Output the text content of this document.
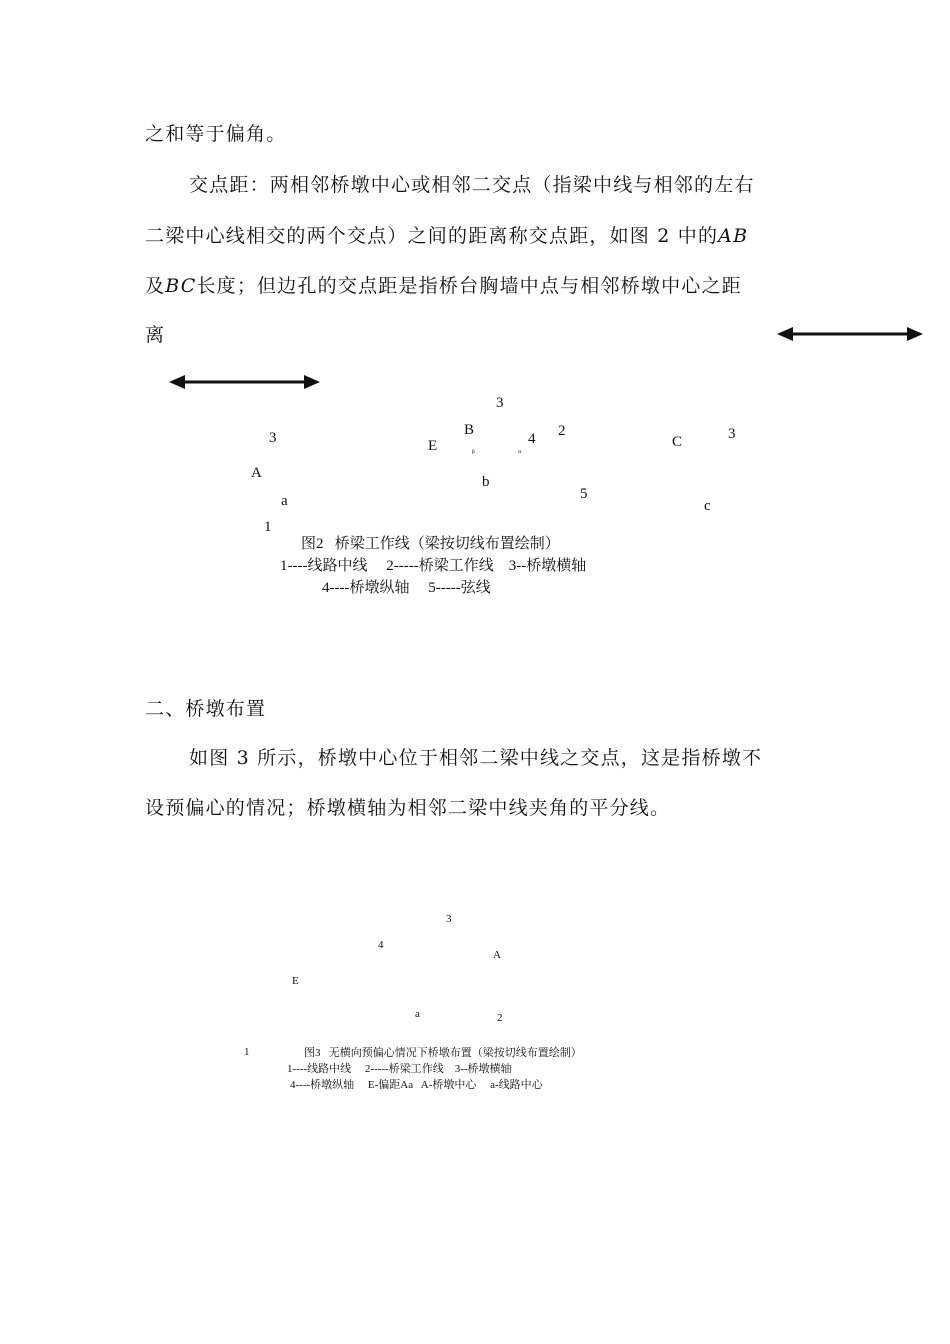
之和等于偏角。

交点距：两相邻桥墩中心或相邻二交点（指梁中线与相邻的左右

二梁中心线相交的两个交点）之间的距离称交点距，如图 2 中的AB

及BC长度；但边孔的交点距是指桥台胸墙中点与相邻桥墩中心之距

离

3
3	3
B	2
E	β	α
4	C
A
b
a	5
c
1
图2   桥梁工作线（梁按切线布置绘制）
1----线路中线     2-----桥梁工作线    3--桥墩横轴
4----桥墩纵轴     5-----弦线
二、桥墩布置

如图 3 所示，桥墩中心位于相邻二梁中线之交点，这是指桥墩不

设预偏心的情况；桥墩横轴为相邻二梁中线夹角的平分线。

3
4
A
E
a	2
1	图3   无横向预偏心情况下桥墩布置（梁按切线布置绘制）
1----线路中线     2-----桥梁工作线    3--桥墩横轴
4----桥墩纵轴     E-偏距Aa   A-桥墩中心     a-线路中心
